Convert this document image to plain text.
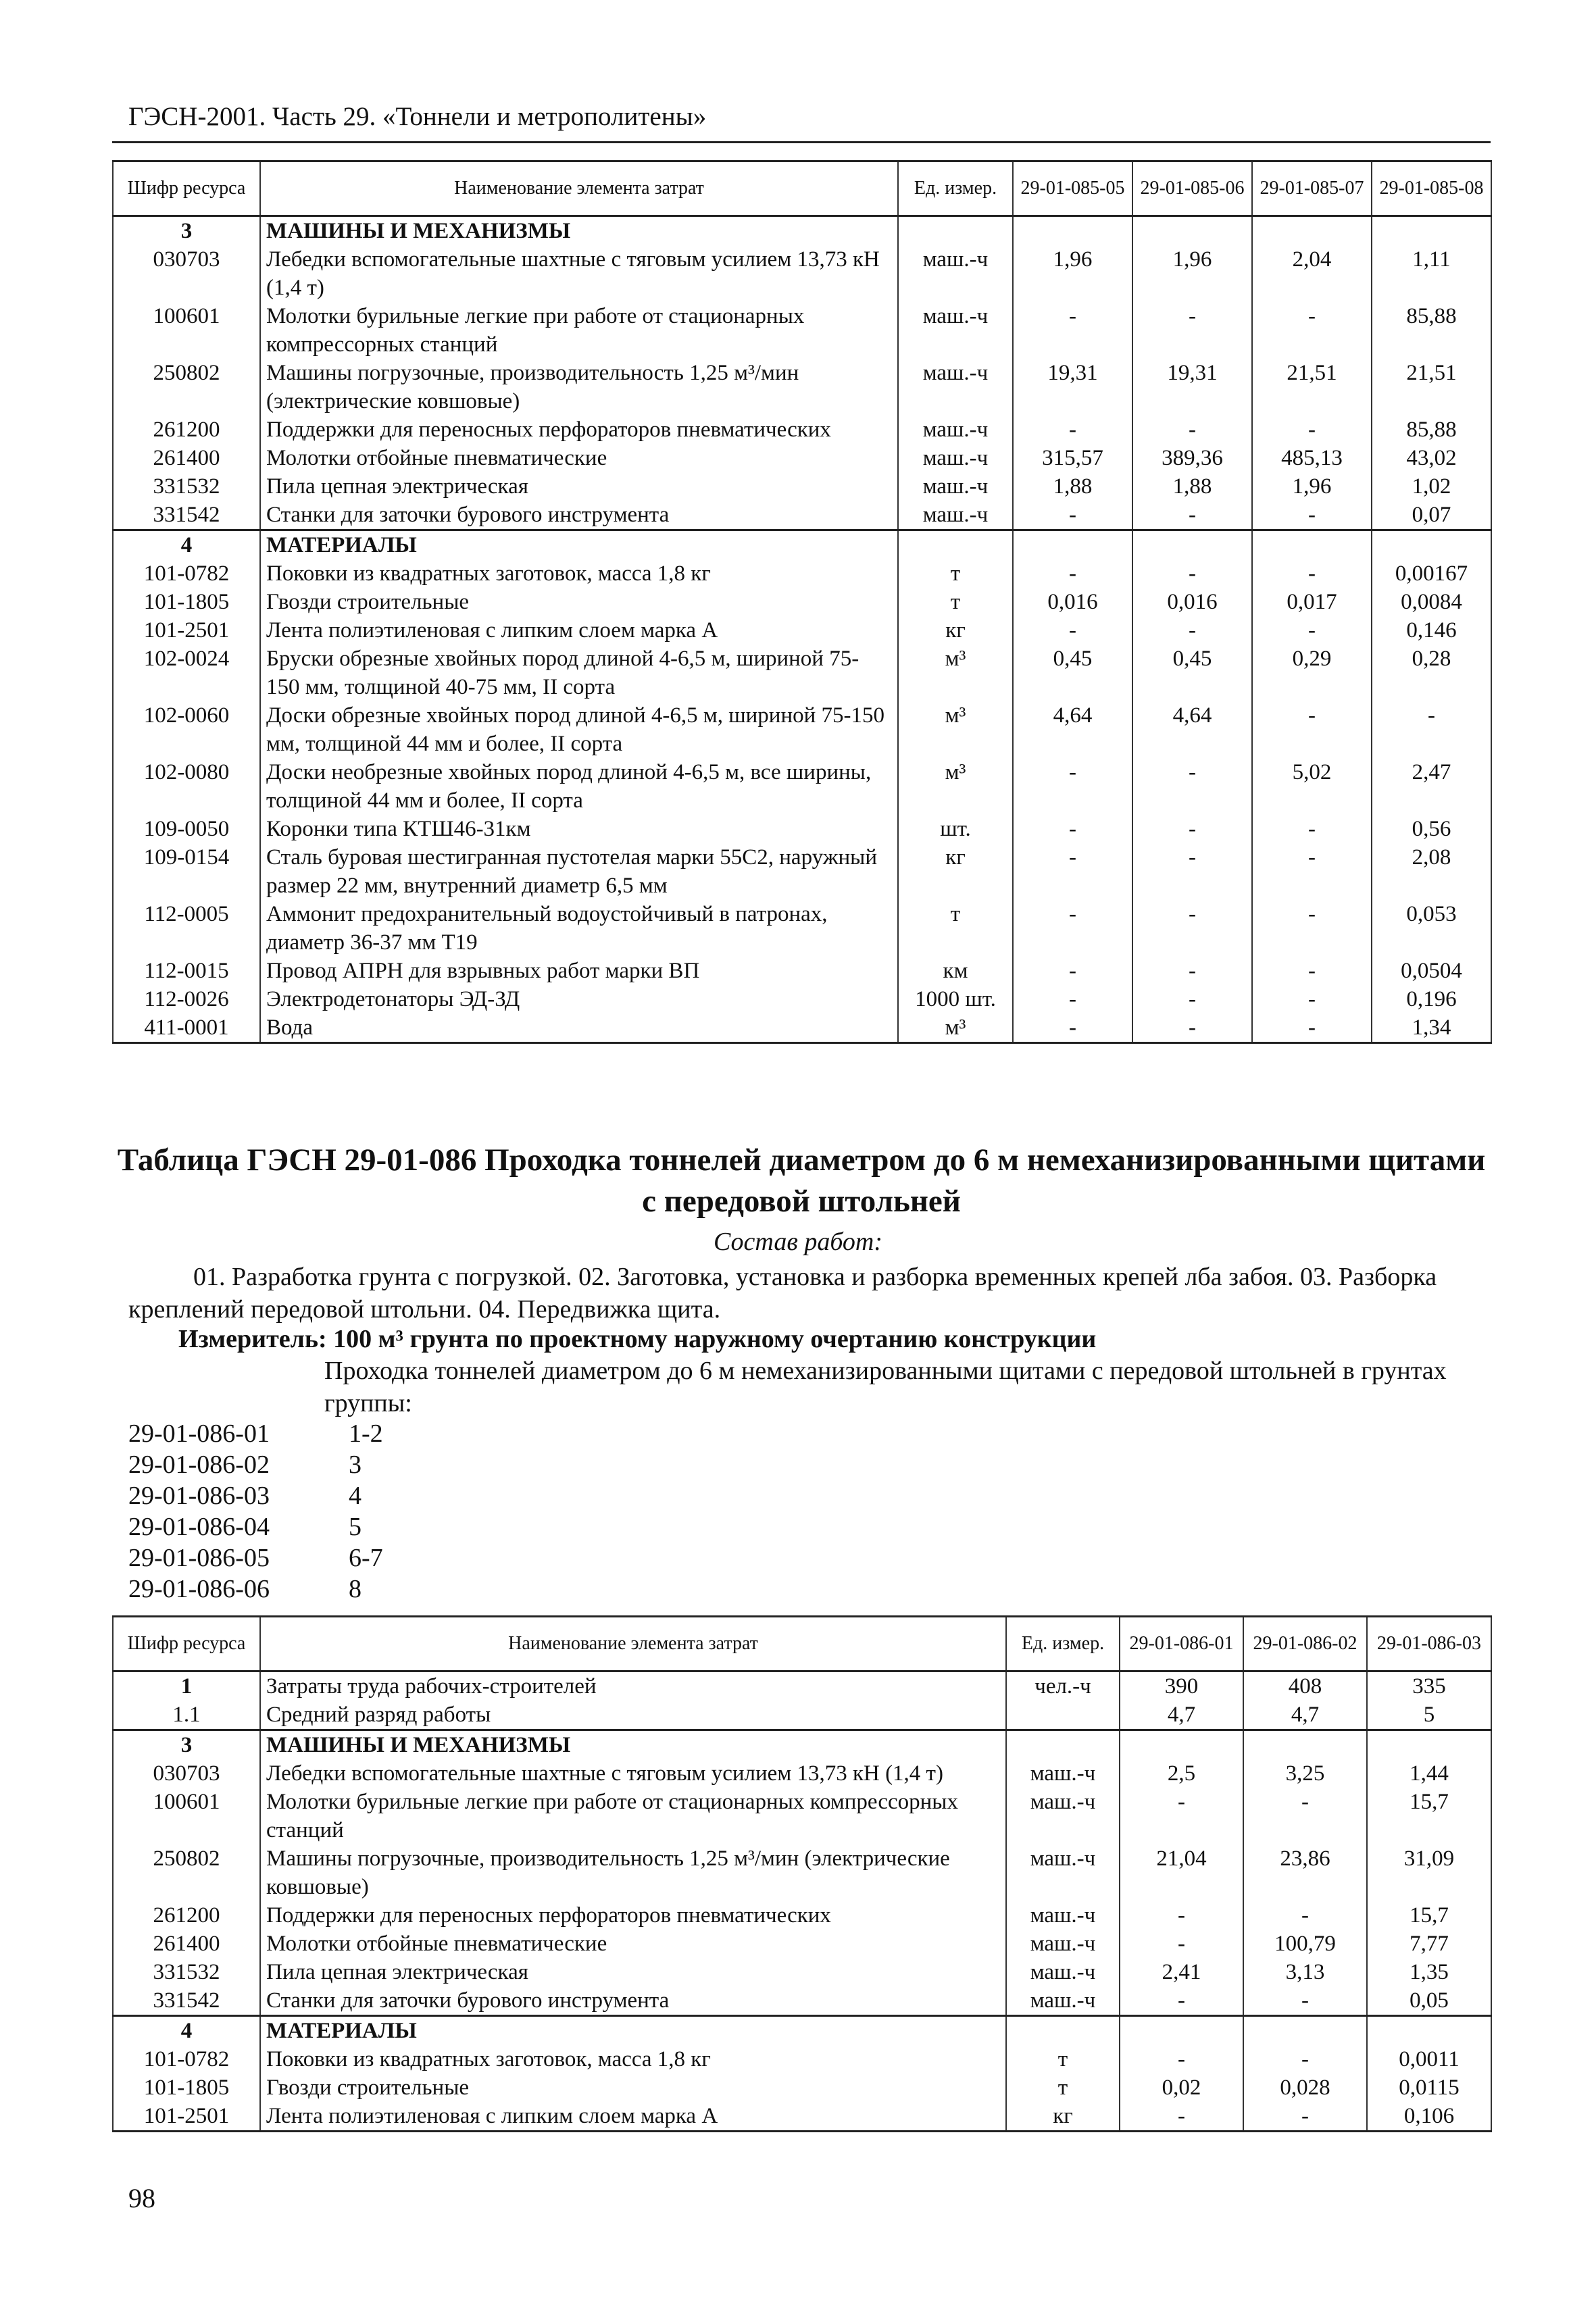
ГЭСН-2001. Часть 29. «Тоннели и метрополитены»
Шифр ресурса	Наименование элемента затрат	Ед. измер.	29-01-085-05	29-01-085-06	29-01-085-07	29-01-085-08
3	МАШИНЫ И МЕХАНИЗМЫ					
030703	Лебедки вспомогательные шахтные с тяговым усилием 13,73 кН (1,4 т)	маш.-ч	1,96	1,96	2,04	1,11
100601	Молотки бурильные легкие при работе от стационарных компрессорных станций	маш.-ч	-	-	-	85,88
250802	Машины погрузочные, производительность 1,25 м³/мин (электрические ковшовые)	маш.-ч	19,31	19,31	21,51	21,51
261200	Поддержки для переносных перфораторов пневматических	маш.-ч	-	-	-	85,88
261400	Молотки отбойные пневматические	маш.-ч	315,57	389,36	485,13	43,02
331532	Пила цепная электрическая	маш.-ч	1,88	1,88	1,96	1,02
331542	Станки для заточки бурового инструмента	маш.-ч	-	-	-	0,07
4	МАТЕРИАЛЫ					
101-0782	Поковки из квадратных заготовок, масса 1,8 кг	т	-	-	-	0,00167
101-1805	Гвозди строительные	т	0,016	0,016	0,017	0,0084
101-2501	Лента полиэтиленовая с липким слоем марка А	кг	-	-	-	0,146
102-0024	Бруски обрезные хвойных пород длиной 4-6,5 м, шириной 75-150 мм, толщиной 40-75 мм, II сорта	м³	0,45	0,45	0,29	0,28
102-0060	Доски обрезные хвойных пород длиной 4-6,5 м, шириной 75-150 мм, толщиной 44 мм и более, II сорта	м³	4,64	4,64	-	-
102-0080	Доски необрезные хвойных пород длиной 4-6,5 м, все ширины, толщиной 44 мм и более, II сорта	м³	-	-	5,02	2,47
109-0050	Коронки типа КТШ46-31км	шт.	-	-	-	0,56
109-0154	Сталь буровая шестигранная пустотелая марки 55С2, наружный размер 22 мм, внутренний диаметр 6,5 мм	кг	-	-	-	2,08
112-0005	Аммонит предохранительный водоустойчивый в патронах, диаметр 36-37 мм Т19	т	-	-	-	0,053
112-0015	Провод АПРН для взрывных работ марки ВП	км	-	-	-	0,0504
112-0026	Электродетонаторы ЭД-ЗД	1000 шт.	-	-	-	0,196
411-0001	Вода	м³	-	-	-	1,34
Таблица ГЭСН 29-01-086 Проходка тоннелей диаметром до 6 м немеханизированными щитами с передовой штольней
Состав работ:
01. Разработка грунта с погрузкой. 02. Заготовка, установка и разборка временных крепей лба забоя. 03. Разборка креплений передовой штольни. 04. Передвижка щита.
Измеритель: 100 м³ грунта по проектному наружному очертанию конструкции
Проходка тоннелей диаметром до 6 м немеханизированными щитами с передовой штольней в грунтах группы:
29-01-086-01	1-2
29-01-086-02	3
29-01-086-03	4
29-01-086-04	5
29-01-086-05	6-7
29-01-086-06	8
Шифр ресурса	Наименование элемента затрат	Ед. измер.	29-01-086-01	29-01-086-02	29-01-086-03
1	Затраты труда рабочих-строителей	чел.-ч	390	408	335
1.1	Средний разряд работы		4,7	4,7	5
3	МАШИНЫ И МЕХАНИЗМЫ				
030703	Лебедки вспомогательные шахтные с тяговым усилием 13,73 кН (1,4 т)	маш.-ч	2,5	3,25	1,44
100601	Молотки бурильные легкие при работе от стационарных компрессорных станций	маш.-ч	-	-	15,7
250802	Машины погрузочные, производительность 1,25 м³/мин (электрические ковшовые)	маш.-ч	21,04	23,86	31,09
261200	Поддержки для переносных перфораторов пневматических	маш.-ч	-	-	15,7
261400	Молотки отбойные пневматические	маш.-ч	-	100,79	7,77
331532	Пила цепная электрическая	маш.-ч	2,41	3,13	1,35
331542	Станки для заточки бурового инструмента	маш.-ч	-	-	0,05
4	МАТЕРИАЛЫ				
101-0782	Поковки из квадратных заготовок, масса 1,8 кг	т	-	-	0,0011
101-1805	Гвозди строительные	т	0,02	0,028	0,0115
101-2501	Лента полиэтиленовая с липким слоем марка А	кг	-	-	0,106
98
